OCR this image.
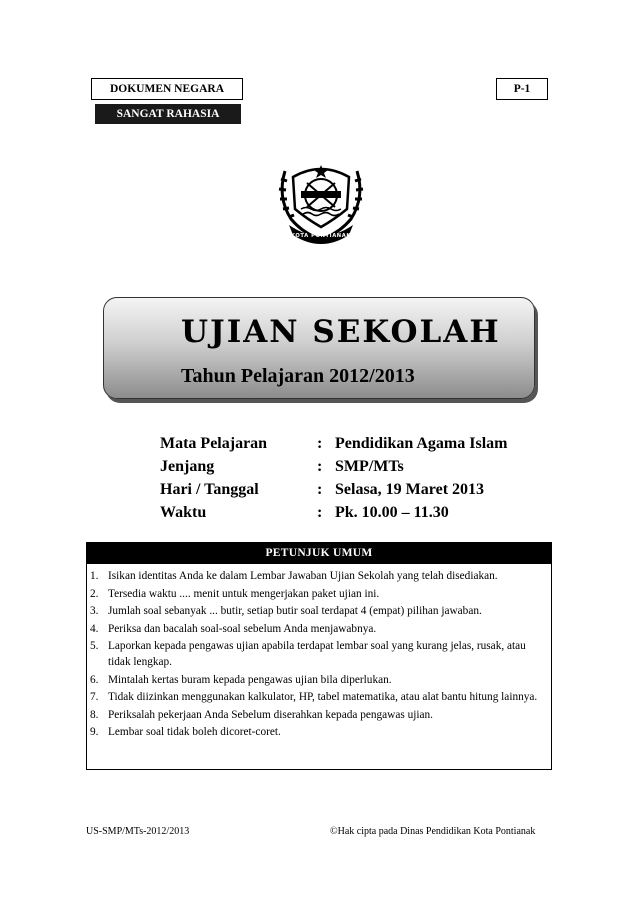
DOKUMEN NEGARA
SANGAT RAHASIA
P-1
KOTA PONTIANAK
UJIAN SEKOLAH
Tahun Pelajaran 2012/2013
Mata Pelajaran	: Pendidikan Agama Islam
Jenjang	: SMP/MTs
Hari / Tanggal	: Selasa, 19 Maret 2013
Waktu	: Pk. 10.00 – 11.30
PETUNJUK UMUM
1. Isikan identitas Anda ke dalam Lembar Jawaban Ujian Sekolah yang telah disediakan.
2. Tersedia waktu .... menit untuk mengerjakan paket ujian ini.
3. Jumlah soal sebanyak ... butir, setiap butir soal terdapat 4 (empat) pilihan jawaban.
4. Periksa dan bacalah soal-soal sebelum Anda menjawabnya.
5. Laporkan kepada pengawas ujian apabila terdapat lembar soal yang kurang jelas, rusak, atau tidak lengkap.
6. Mintalah kertas buram kepada pengawas ujian bila diperlukan.
7. Tidak diizinkan menggunakan kalkulator, HP, tabel matematika, atau alat bantu hitung lainnya.
8. Periksalah pekerjaan Anda Sebelum diserahkan kepada pengawas ujian.
9. Lembar soal tidak boleh dicoret-coret.
US-SMP/MTs-2012/2013	©Hak cipta pada Dinas Pendidikan Kota Pontianak
